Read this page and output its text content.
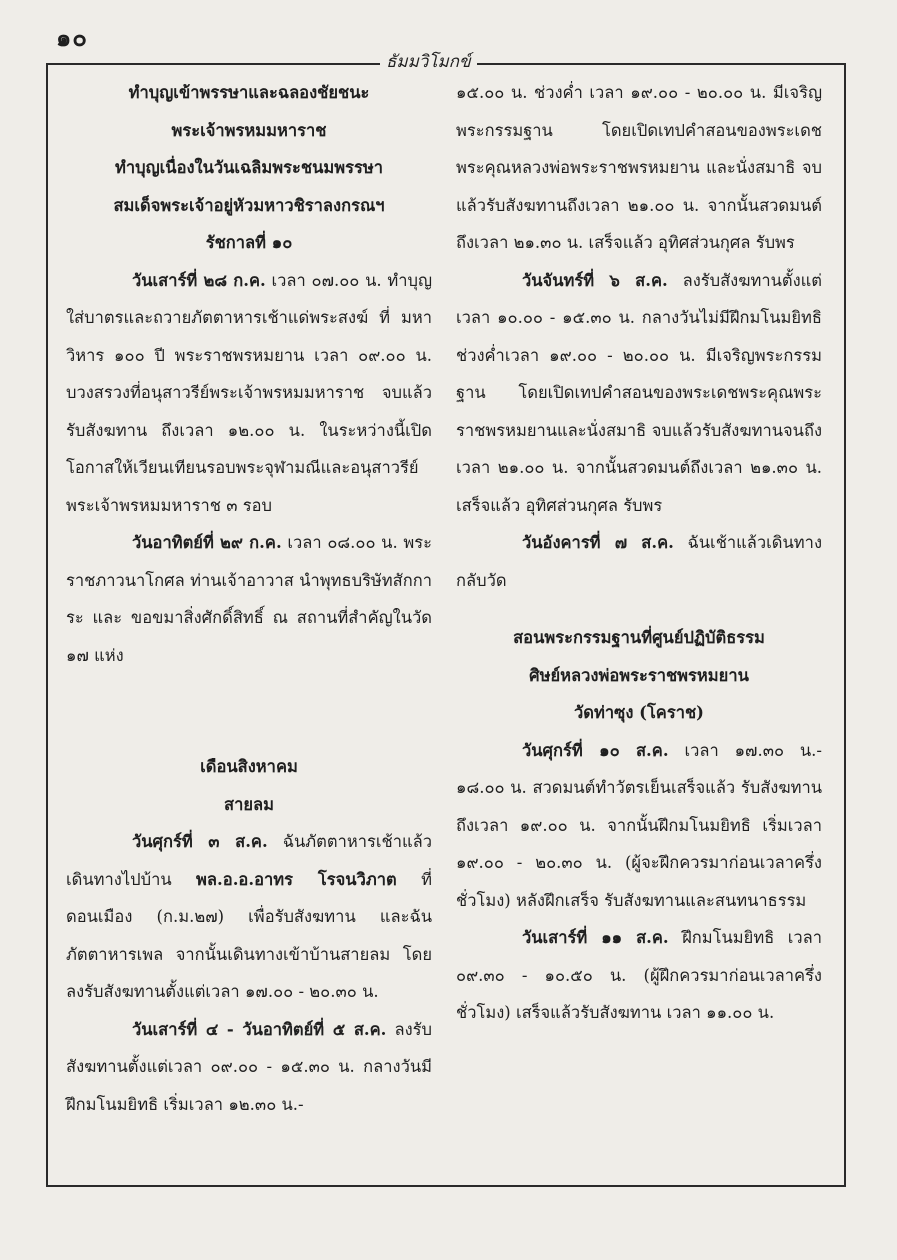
๑๐
ธัมมวิโมกข์

ทำบุญเข้าพรรษาและฉลองชัยชนะ

พระเจ้าพรหมมหาราช

ทำบุญเนื่องในวันเฉลิมพระชนมพรรษา

สมเด็จพระเจ้าอยู่หัวมหาวชิราลงกรณฯ

รัชกาลที่ ๑๐

วันเสาร์ที่ ๒๘ ก.ค. เวลา ๐๗.๐๐ น. ทำบุญใส่บาตรและถวายภัตตาหารเช้าแด่พระสงฆ์ ที่ มหาวิหาร ๑๐๐ ปี พระราชพรหมยาน เวลา ๐๙.๐๐ น. บวงสรวงที่อนุสาวรีย์พระเจ้าพรหมมหาราช จบแล้ว รับสังฆทาน ถึงเวลา ๑๒.๐๐ น. ในระหว่างนี้เปิดโอกาสให้เวียนเทียนรอบพระจุฬามณีและอนุสาวรีย์พระเจ้าพรหมมหาราช ๓ รอบ

วันอาทิตย์ที่ ๒๙ ก.ค. เวลา ๐๘.๐๐ น. พระราชภาวนาโกศล ท่านเจ้าอาวาส นำพุทธบริษัทสักการะ และ ขอขมาสิ่งศักดิ์สิทธิ์ ณ สถานที่สำคัญในวัด ๑๗ แห่ง

เดือนสิงหาคม

สายลม

วันศุกร์ที่ ๓ ส.ค. ฉันภัตตาหารเช้าแล้ว เดินทางไปบ้าน พล.อ.อ.อาทร โรจนวิภาต ที่ดอนเมือง (ก.ม.๒๗) เพื่อรับสังฆทาน และฉันภัตตาหารเพล จากนั้นเดินทางเข้าบ้านสายลม โดยลงรับสังฆทานตั้งแต่เวลา ๑๗.๐๐ - ๒๐.๓๐ น.

วันเสาร์ที่ ๔ - วันอาทิตย์ที่ ๕ ส.ค. ลงรับสังฆทานตั้งแต่เวลา ๐๙.๐๐ - ๑๕.๓๐ น. กลางวันมีฝึกมโนมยิทธิ เริ่มเวลา ๑๒.๓๐ น.-

๑๕.๐๐ น. ช่วงค่ำ เวลา ๑๙.๐๐ - ๒๐.๐๐ น. มีเจริญพระกรรมฐาน โดยเปิดเทปคำสอนของพระเดชพระคุณหลวงพ่อพระราชพรหมยาน และนั่งสมาธิ จบแล้วรับสังฆทานถึงเวลา ๒๑.๐๐ น. จากนั้นสวดมนต์ ถึงเวลา ๒๑.๓๐ น. เสร็จแล้ว อุทิศส่วนกุศล รับพร

วันจันทร์ที่ ๖ ส.ค. ลงรับสังฆทานตั้งแต่เวลา ๑๐.๐๐ - ๑๕.๓๐ น. กลางวันไม่มีฝึกมโนมยิทธิ ช่วงค่ำเวลา ๑๙.๐๐ - ๒๐.๐๐ น. มีเจริญพระกรรมฐาน โดยเปิดเทปคำสอนของพระเดชพระคุณพระราชพรหมยานและนั่งสมาธิ จบแล้วรับสังฆทานจนถึง เวลา ๒๑.๐๐ น. จากนั้นสวดมนต์ถึงเวลา ๒๑.๓๐ น. เสร็จแล้ว อุทิศส่วนกุศล รับพร

วันอังคารที่ ๗ ส.ค. ฉันเช้าแล้วเดินทางกลับวัด

สอนพระกรรมฐานที่ศูนย์ปฏิบัติธรรม

ศิษย์หลวงพ่อพระราชพรหมยาน

วัดท่าซุง (โคราช)

วันศุกร์ที่ ๑๐ ส.ค. เวลา ๑๗.๓๐ น.- ๑๘.๐๐ น. สวดมนต์ทำวัตรเย็นเสร็จแล้ว รับสังฆทานถึงเวลา ๑๙.๐๐ น. จากนั้นฝึกมโนมยิทธิ เริ่มเวลา ๑๙.๐๐ - ๒๐.๓๐ น. (ผู้จะฝึกควรมาก่อนเวลาครึ่งชั่วโมง) หลังฝึกเสร็จ รับสังฆทานและสนทนาธรรม

วันเสาร์ที่ ๑๑ ส.ค. ฝึกมโนมยิทธิ เวลา ๐๙.๓๐ - ๑๐.๕๐ น. (ผู้ฝึกควรมาก่อนเวลาครึ่งชั่วโมง) เสร็จแล้วรับสังฆทาน เวลา ๑๑.๐๐ น.
